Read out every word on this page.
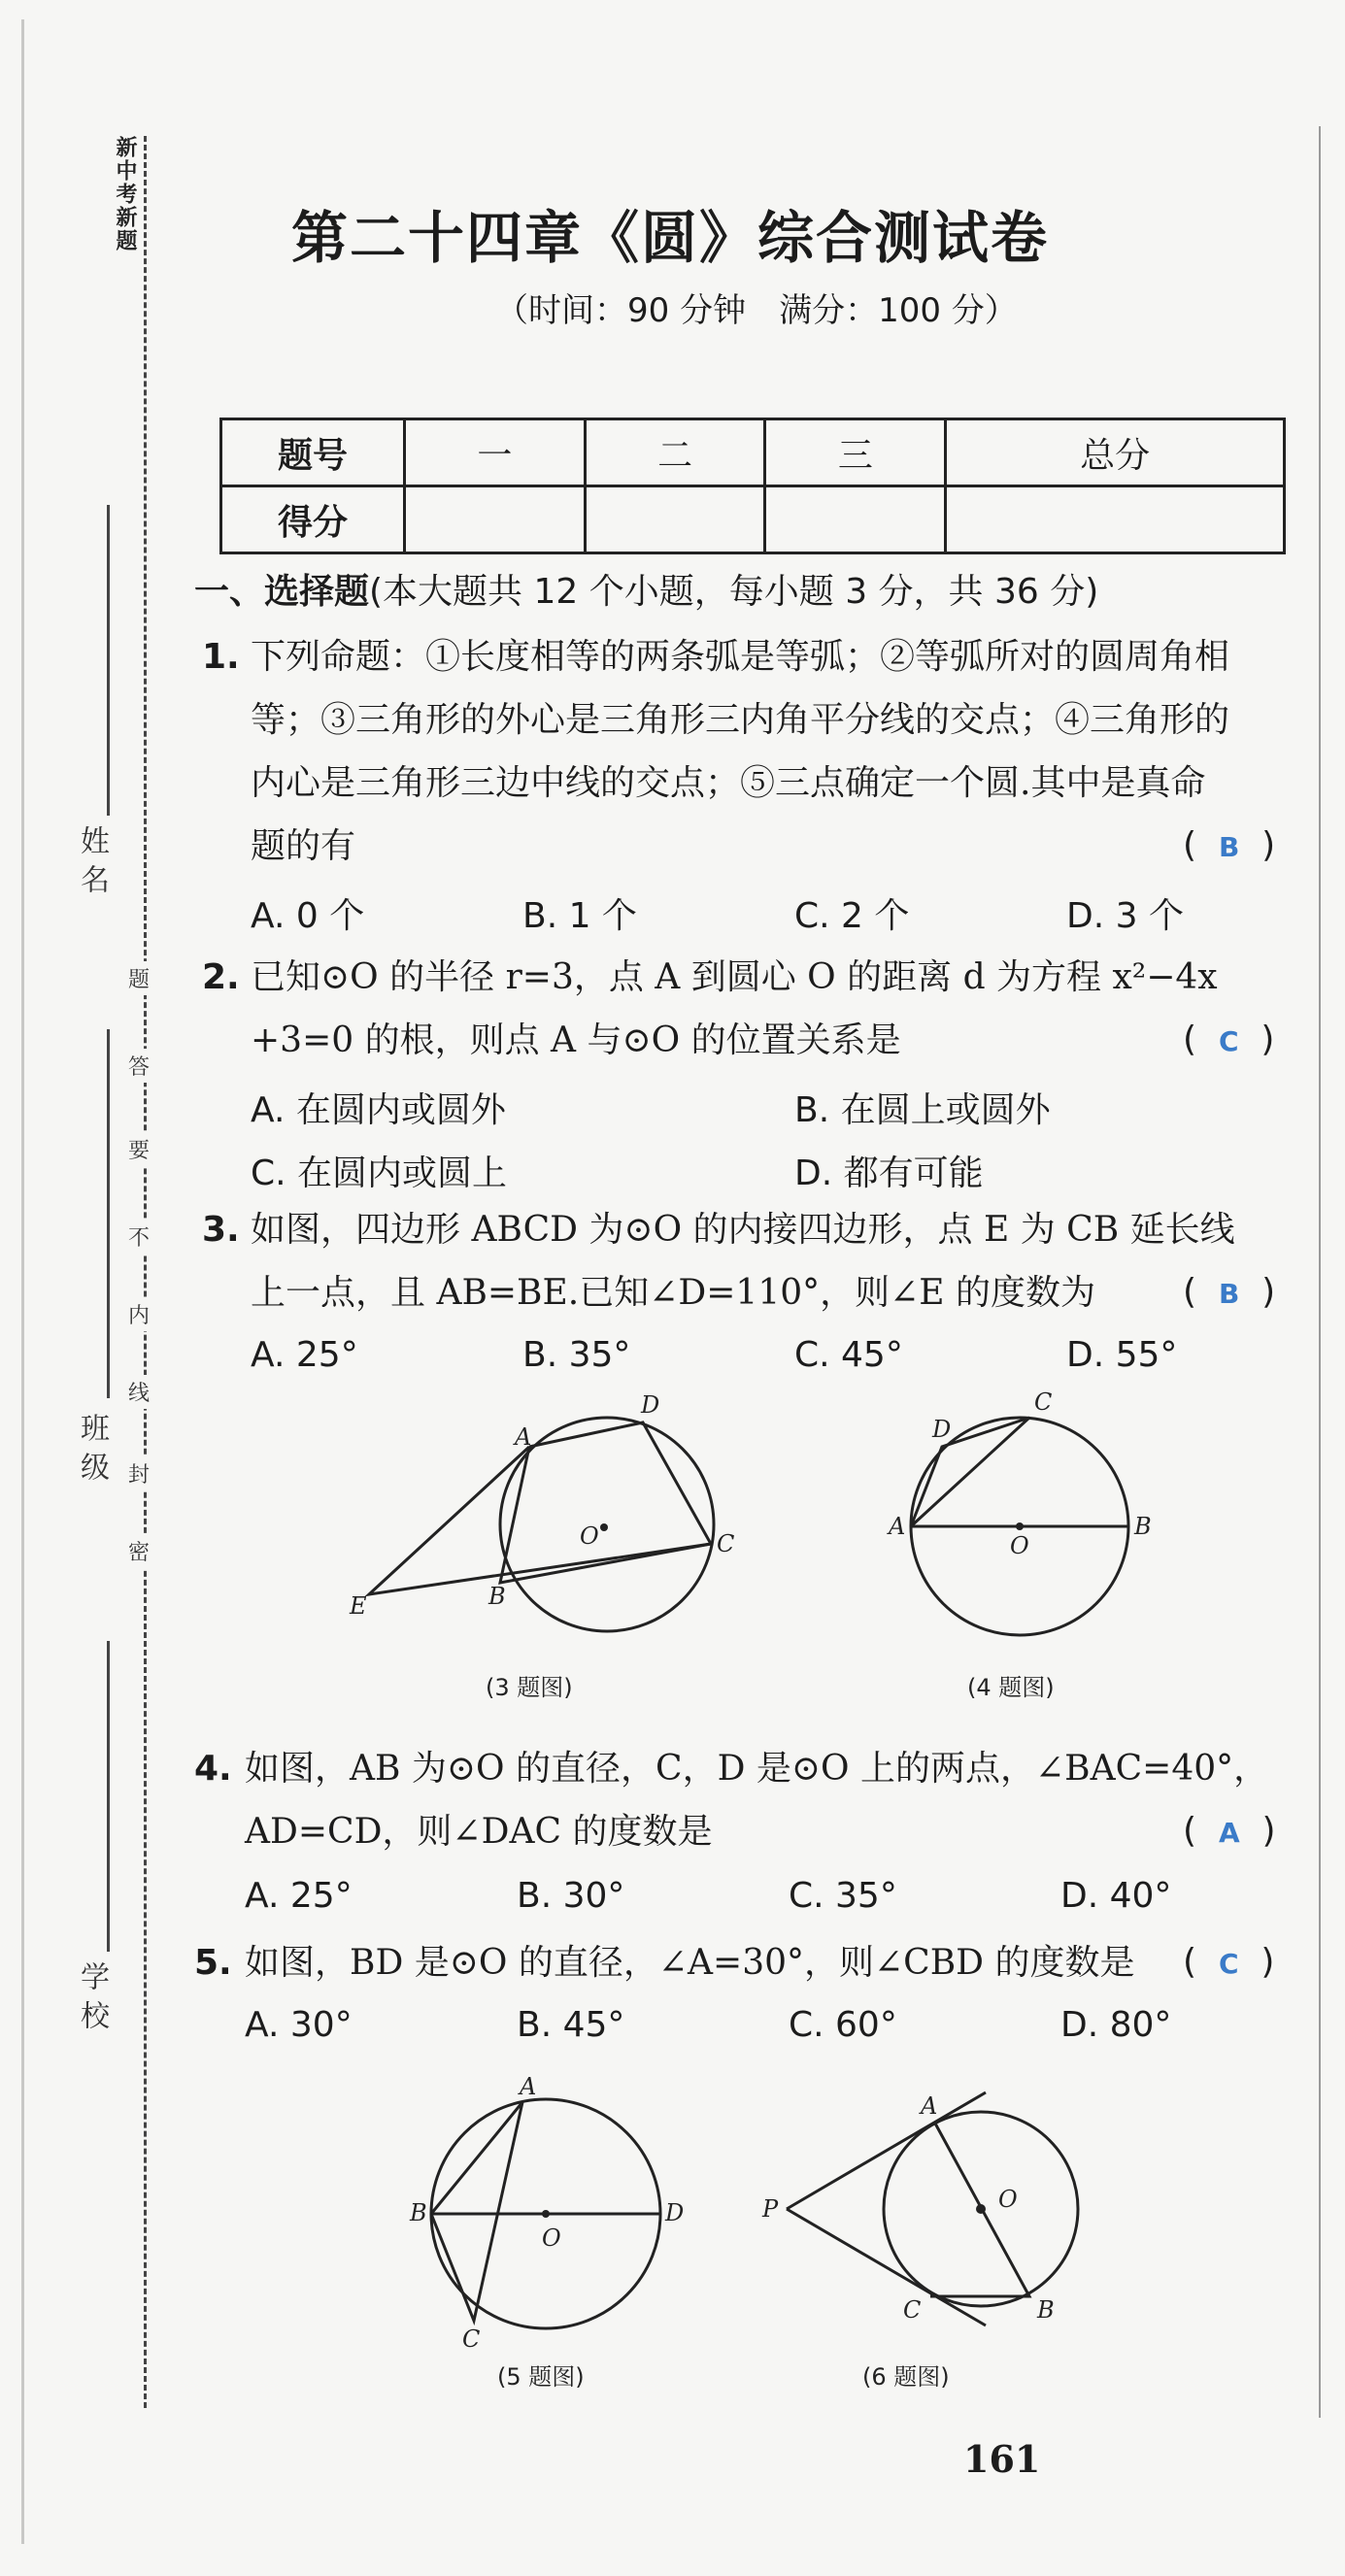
新中考新题
姓名
班级
学校
题
答
要
不
内
线
封
密
第二十四章《圆》综合测试卷
（时间：90 分钟　满分：100 分）
题号	一	二	三	总分
得分				
一、选择题(本大题共 12 个小题，每小题 3 分，共 36 分)
1. 下列命题：①长度相等的两条弧是等弧；②等弧所对的圆周角相
等；③三角形的外心是三角形三内角平分线的交点；④三角形的
内心是三角形三边中线的交点；⑤三点确定一个圆.其中是真命
题的有	(  B  )
A. 0 个	B. 1 个	C. 2 个	D. 3 个
2. 已知⊙O 的半径 r=3，点 A 到圆心 O 的距离 d 为方程 x²−4x
+3=0 的根，则点 A 与⊙O 的位置关系是	(  C  )
A. 在圆内或圆外	B. 在圆上或圆外
C. 在圆内或圆上	D. 都有可能
3. 如图，四边形 ABCD 为⊙O 的内接四边形，点 E 为 CB 延长线
上一点，且 AB=BE.已知∠D=110°，则∠E 的度数为 (  B  )
A. 25°	B. 35°	C. 45°	D. 55°
A
D
O	C
B
E
(3 题图)
D
C
A
O
B
(4 题图)
4. 如图，AB 为⊙O 的直径，C，D 是⊙O 上的两点，∠BAC=40°，
AD=CD，则∠DAC 的度数是	(  A  )
A. 25°	B. 30°	C. 35°	D. 40°
5. 如图，BD 是⊙O 的直径，∠A=30°，则∠CBD 的度数是 (  C  )
A. 30°	B. 45°	C. 60°	D. 80°
A
B
O
D
C
(5 题图)
A
O
P
C	B
(6 题图)
161
